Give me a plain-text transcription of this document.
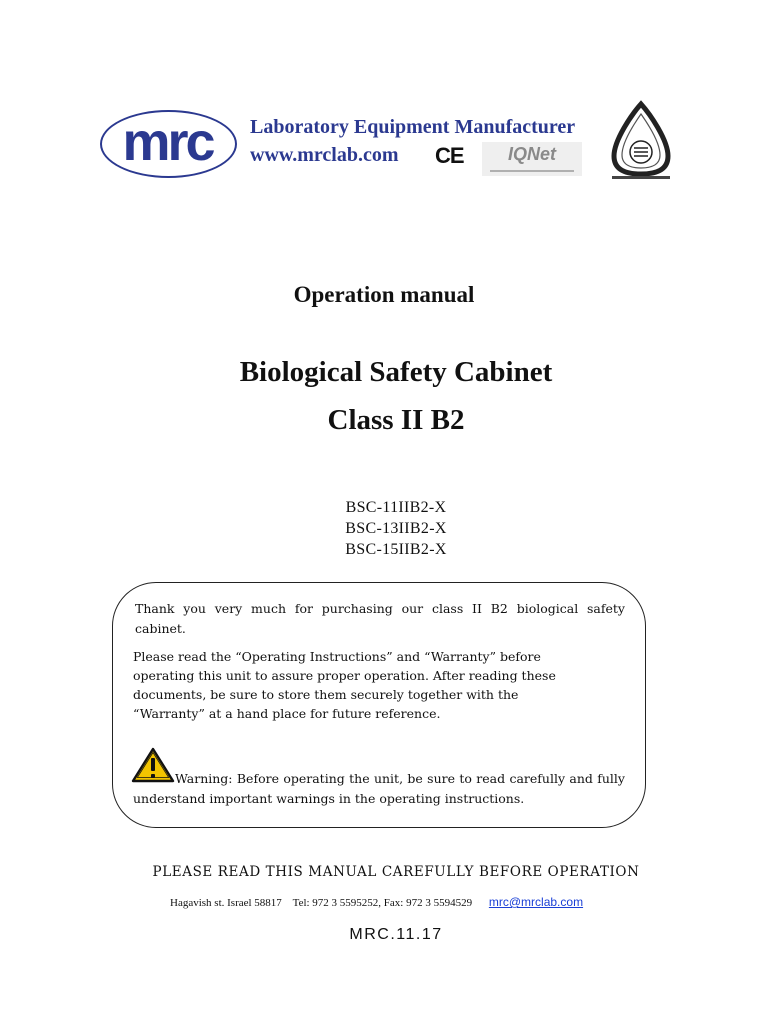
mrc	Laboratory Equipment Manufacturer
www.mrclab.com CE	IQNet
Operation manual
Biological Safety Cabinet
Class II B2
BSC-11IIB2-X
BSC-13IIB2-X
BSC-15IIB2-X
Thank you very much for purchasing our class II B2 biological safety cabinet.
Please read the “Operating Instructions” and “Warranty” before operating this unit to assure proper operation. After reading these documents, be sure to store them securely together with the “Warranty” at a hand place for future reference.
Warning: Before operating the unit, be sure to read carefully and fully understand important warnings in the operating instructions.
PLEASE READ THIS MANUAL CAREFULLY BEFORE OPERATION
Hagavish st. Israel 58817    Tel: 972 3 5595252, Fax: 972 3 5594529 mrc@mrclab.com
MRC.11.17
